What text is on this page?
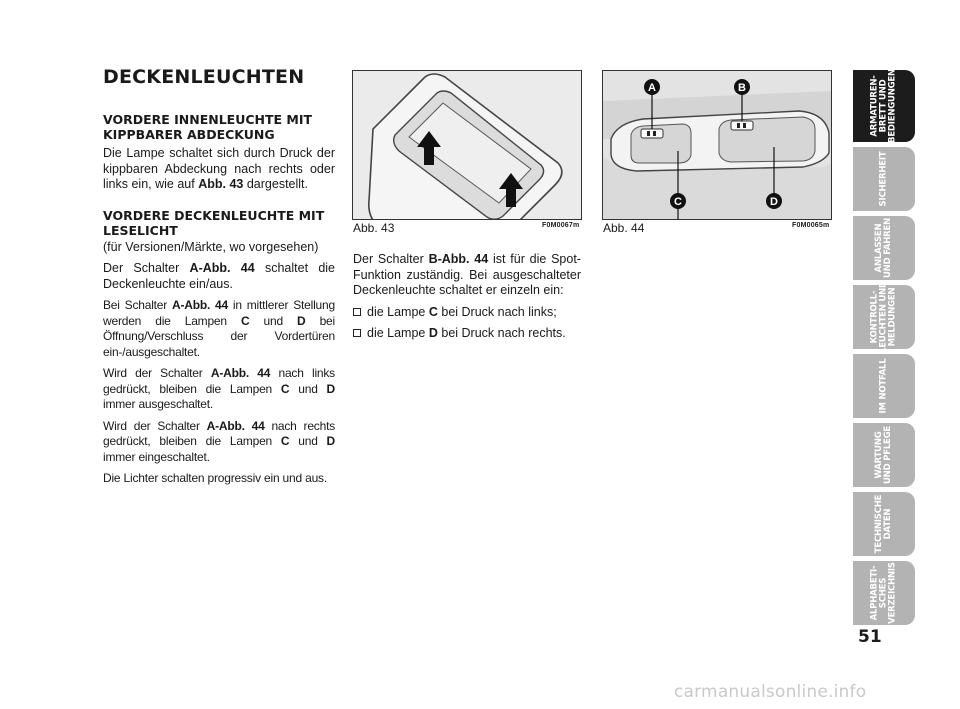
DECKENLEUCHTEN
VORDERE INNENLEUCHTE MIT KIPPBARER ABDECKUNG

Die Lampe schaltet sich durch Druck der kippbaren Abdeckung nach rechts oder links ein, wie auf Abb. 43 dargestellt.

VORDERE DECKENLEUCHTE MIT LESELICHT

(für Versionen/Märkte, wo vorgesehen)

Der Schalter A-Abb. 44 schaltet die Deckenleuchte ein/aus.

Bei Schalter A-Abb. 44 in mittlerer Stellung werden die Lampen C und D bei Öffnung/Verschluss der Vordertüren ein-/ausgeschaltet.

Wird der Schalter A-Abb. 44 nach links gedrückt, bleiben die Lampen C und D immer ausgeschaltet.

Wird der Schalter A-Abb. 44 nach rechts gedrückt, bleiben die Lampen C und D immer eingeschaltet.

Die Lichter schalten progressiv ein und aus.

Abb. 43	F0M0067m
A	B
C	D
Abb. 44	F0M0065m

Der Schalter B-Abb. 44 ist für die Spot-Funktion zuständig. Bei ausgeschalteter Deckenleuchte schaltet er einzeln ein:

die Lampe C bei Druck nach links;
die Lampe D bei Druck nach rechts.
ARMATUREN-
BRETT UND
BEDIENGUNGEN
SICHERHEIT
ANLASSEN
UND FAHREN
KONTROLL-
LEUCHTEN UND
MELDUNGEN
IM NOTFALL
WARTUNG
UND PFLEGE
TECHNISCHE
DATEN
ALPHABETI-
SCHES
VERZEICHNIS
51
carmanualsonline.info
